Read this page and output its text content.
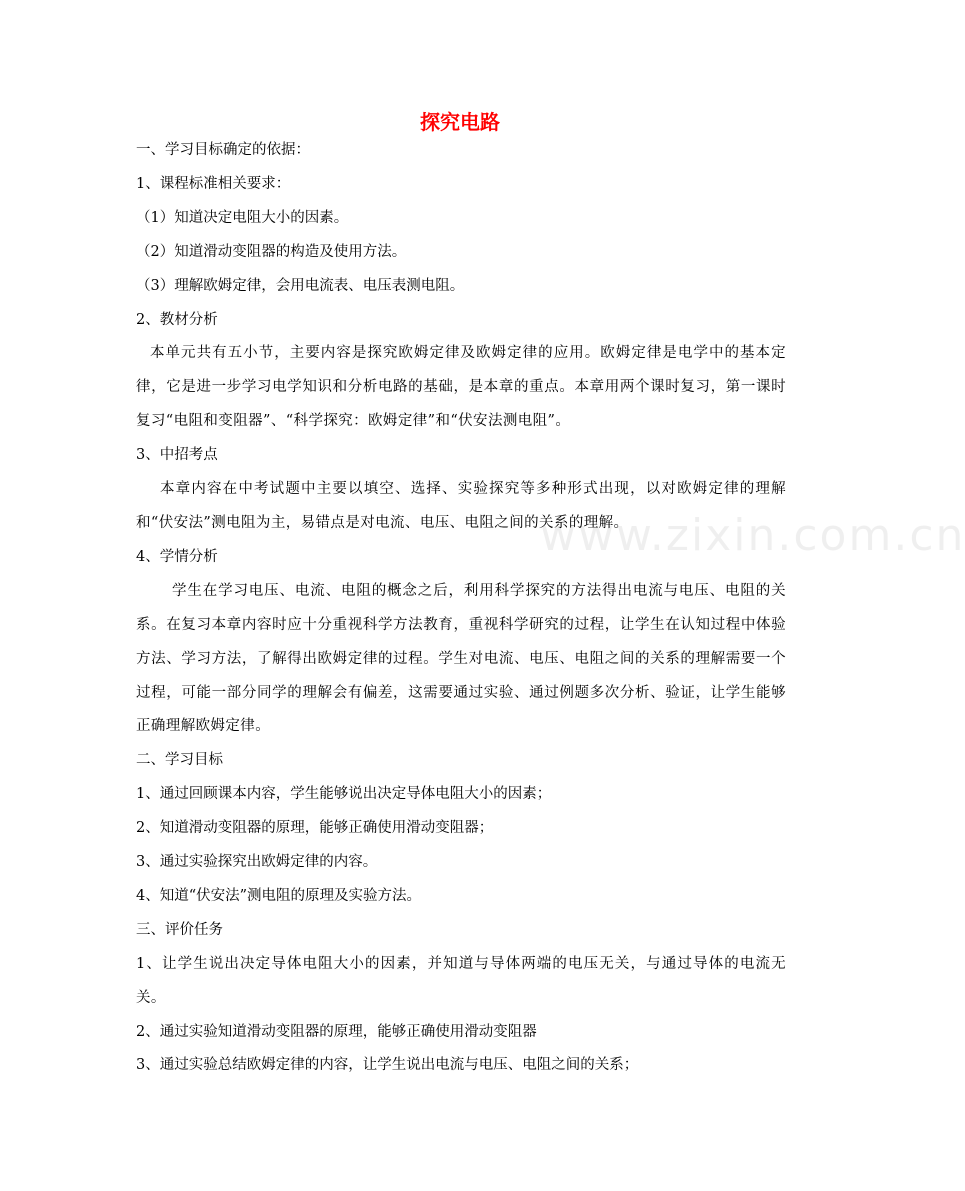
www.zixin.com.cn
探究电路
一、学习目标确定的依据：
1、课程标准相关要求：
（1）知道决定电阻大小的因素。
（2）知道滑动变阻器的构造及使用方法。
（3）理解欧姆定律，会用电流表、电压表测电阻。
2、教材分析
本单元共有五小节，主要内容是探究欧姆定律及欧姆定律的应用。欧姆定律是电学中的基本定律，它是进一步学习电学知识和分析电路的基础，是本章的重点。本章用两个课时复习，第一课时复习“电阻和变阻器”、“科学探究：欧姆定律”和“伏安法测电阻”。
3、中招考点
本章内容在中考试题中主要以填空、选择、实验探究等多种形式出现，以对欧姆定律的理解和“伏安法”测电阻为主，易错点是对电流、电压、电阻之间的关系的理解。
4、学情分析
学生在学习电压、电流、电阻的概念之后，利用科学探究的方法得出电流与电压、电阻的关系。在复习本章内容时应十分重视科学方法教育，重视科学研究的过程，让学生在认知过程中体验方法、学习方法，了解得出欧姆定律的过程。学生对电流、电压、电阻之间的关系的理解需要一个过程，可能一部分同学的理解会有偏差，这需要通过实验、通过例题多次分析、验证，让学生能够正确理解欧姆定律。
二、学习目标
1、通过回顾课本内容，学生能够说出决定导体电阻大小的因素；
2、知道滑动变阻器的原理，能够正确使用滑动变阻器；
3、通过实验探究出欧姆定律的内容。
4、知道“伏安法”测电阻的原理及实验方法。
三、评价任务
1、让学生说出决定导体电阻大小的因素，并知道与导体两端的电压无关，与通过导体的电流无关。
2、通过实验知道滑动变阻器的原理，能够正确使用滑动变阻器
3、通过实验总结欧姆定律的内容，让学生说出电流与电压、电阻之间的关系；
